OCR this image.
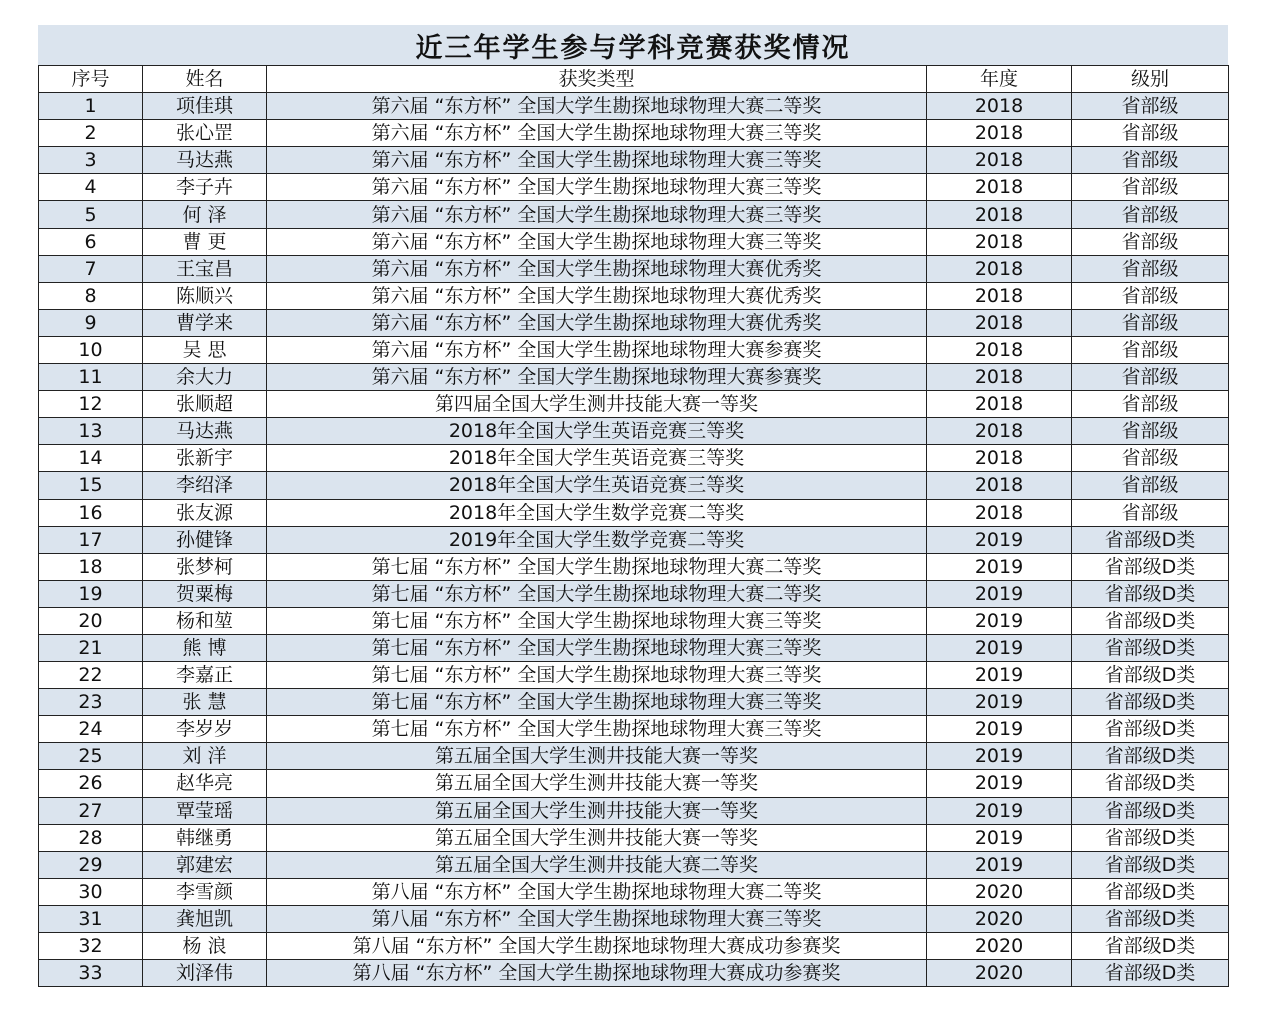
近三年学生参与学科竞赛获奖情况
序号	姓名	获奖类型	年度	级别
1	项佳琪	第六届 “东方杯” 全国大学生勘探地球物理大赛二等奖	2018	省部级
2	张心罡	第六届 “东方杯” 全国大学生勘探地球物理大赛三等奖	2018	省部级
3	马达燕	第六届 “东方杯” 全国大学生勘探地球物理大赛三等奖	2018	省部级
4	李子卉	第六届 “东方杯” 全国大学生勘探地球物理大赛三等奖	2018	省部级
5	何 泽	第六届 “东方杯” 全国大学生勘探地球物理大赛三等奖	2018	省部级
6	曹 更	第六届 “东方杯” 全国大学生勘探地球物理大赛三等奖	2018	省部级
7	王宝昌	第六届 “东方杯” 全国大学生勘探地球物理大赛优秀奖	2018	省部级
8	陈顺兴	第六届 “东方杯” 全国大学生勘探地球物理大赛优秀奖	2018	省部级
9	曹学来	第六届 “东方杯” 全国大学生勘探地球物理大赛优秀奖	2018	省部级
10	吴 思	第六届 “东方杯” 全国大学生勘探地球物理大赛参赛奖	2018	省部级
11	余大力	第六届 “东方杯” 全国大学生勘探地球物理大赛参赛奖	2018	省部级
12	张顺超	第四届全国大学生测井技能大赛一等奖	2018	省部级
13	马达燕	2018年全国大学生英语竞赛三等奖	2018	省部级
14	张新宇	2018年全国大学生英语竞赛三等奖	2018	省部级
15	李绍泽	2018年全国大学生英语竞赛三等奖	2018	省部级
16	张友源	2018年全国大学生数学竞赛二等奖	2018	省部级
17	孙健锋	2019年全国大学生数学竞赛二等奖	2019	省部级D类
18	张梦柯	第七届 “东方杯” 全国大学生勘探地球物理大赛二等奖	2019	省部级D类
19	贺粟梅	第七届 “东方杯” 全国大学生勘探地球物理大赛二等奖	2019	省部级D类
20	杨和堃	第七届 “东方杯” 全国大学生勘探地球物理大赛三等奖	2019	省部级D类
21	熊 博	第七届 “东方杯” 全国大学生勘探地球物理大赛三等奖	2019	省部级D类
22	李嘉正	第七届 “东方杯” 全国大学生勘探地球物理大赛三等奖	2019	省部级D类
23	张 慧	第七届 “东方杯” 全国大学生勘探地球物理大赛三等奖	2019	省部级D类
24	李岁岁	第七届 “东方杯” 全国大学生勘探地球物理大赛三等奖	2019	省部级D类
25	刘 洋	第五届全国大学生测井技能大赛一等奖	2019	省部级D类
26	赵华亮	第五届全国大学生测井技能大赛一等奖	2019	省部级D类
27	覃莹瑶	第五届全国大学生测井技能大赛一等奖	2019	省部级D类
28	韩继勇	第五届全国大学生测井技能大赛一等奖	2019	省部级D类
29	郭建宏	第五届全国大学生测井技能大赛二等奖	2019	省部级D类
30	李雪颜	第八届 “东方杯” 全国大学生勘探地球物理大赛二等奖	2020	省部级D类
31	龚旭凯	第八届 “东方杯” 全国大学生勘探地球物理大赛三等奖	2020	省部级D类
32	杨 浪	第八届 “东方杯” 全国大学生勘探地球物理大赛成功参赛奖	2020	省部级D类
33	刘泽伟	第八届 “东方杯” 全国大学生勘探地球物理大赛成功参赛奖	2020	省部级D类
